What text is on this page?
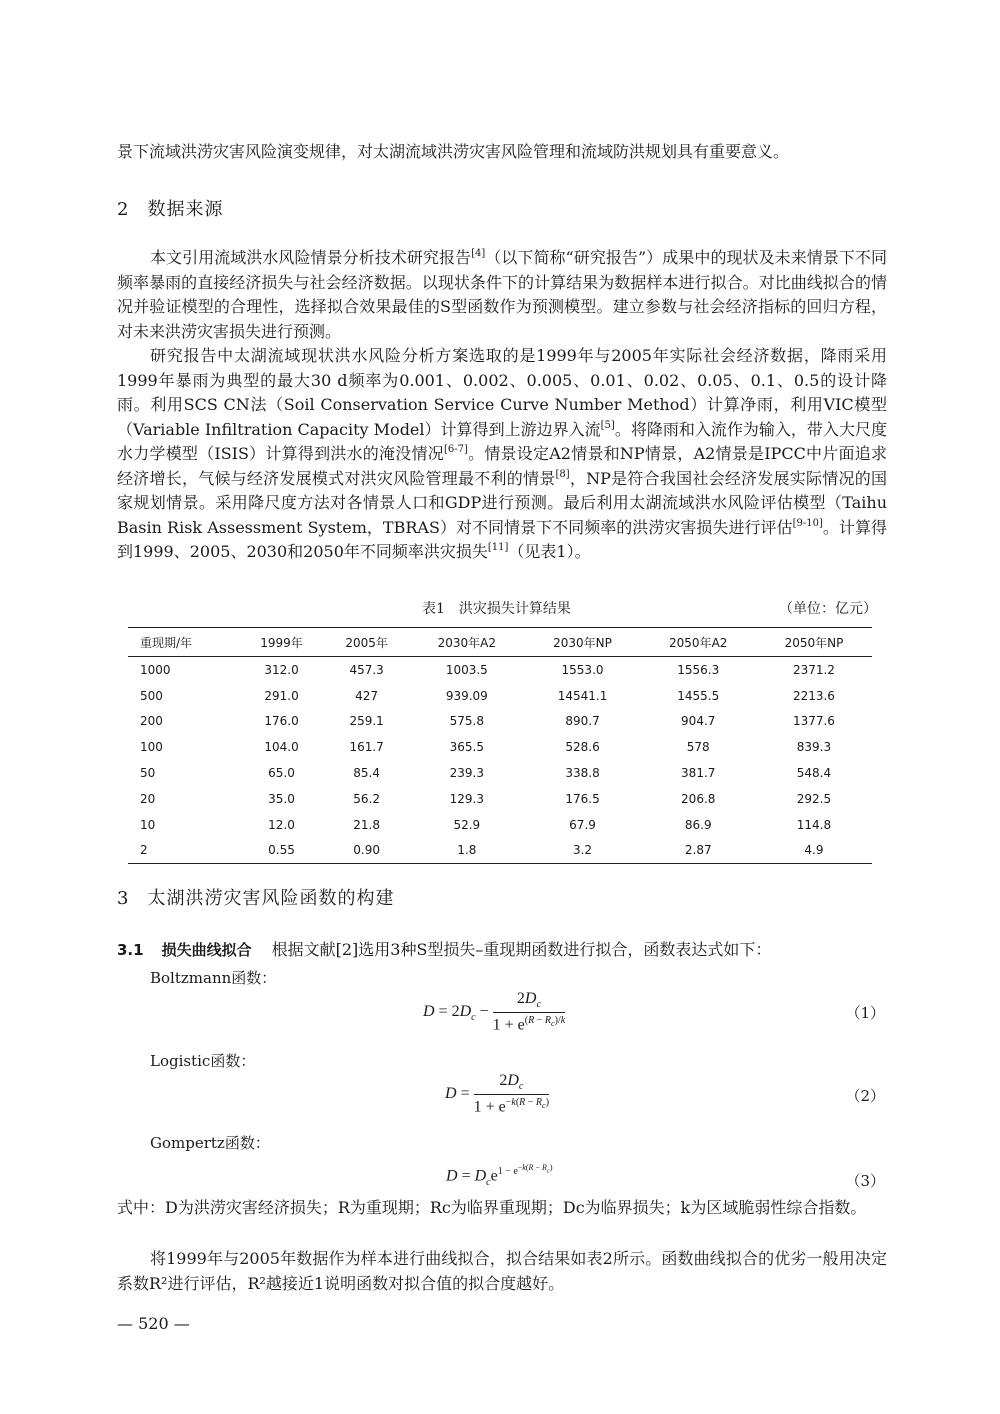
景下流域洪涝灾害风险演变规律，对太湖流域洪涝灾害风险管理和流域防洪规划具有重要意义。

2 数据来源

本文引用流域洪水风险情景分析技术研究报告[4]（以下简称“研究报告”）成果中的现状及未来情景下不同频率暴雨的直接经济损失与社会经济数据。以现状条件下的计算结果为数据样本进行拟合。对比曲线拟合的情况并验证模型的合理性，选择拟合效果最佳的S型函数作为预测模型。建立参数与社会经济指标的回归方程，对未来洪涝灾害损失进行预测。

研究报告中太湖流域现状洪水风险分析方案选取的是1999年与2005年实际社会经济数据，降雨采用1999年暴雨为典型的最大30 d频率为0.001、0.002、0.005、0.01、0.02、0.05、0.1、0.5的设计降雨。利用SCS CN法（Soil Conservation Service Curve Number Method）计算净雨，利用VIC模型（Variable Infiltration Capacity Model）计算得到上游边界入流[5]。将降雨和入流作为输入，带入大尺度水力学模型（ISIS）计算得到洪水的淹没情况[6-7]。情景设定A2情景和NP情景，A2情景是IPCC中片面追求经济增长，气候与经济发展模式对洪灾风险管理最不利的情景[8]，NP是符合我国社会经济发展实际情况的国家规划情景。采用降尺度方法对各情景人口和GDP进行预测。最后利用太湖流域洪水风险评估模型（Taihu Basin Risk Assessment System，TBRAS）对不同情景下不同频率的洪涝灾害损失进行评估[9-10]。计算得到1999、2005、2030和2050年不同频率洪灾损失[11]（见表1）。

表1　洪灾损失计算结果	（单位：亿元）
重现期/年	1999年	2005年	2030年A2	2030年NP	2050年A2	2050年NP
1000	312.0	457.3	1003.5	1553.0	1556.3	2371.2
500	291.0	427	939.09	14541.1	1455.5	2213.6
200	176.0	259.1	575.8	890.7	904.7	1377.6
100	104.0	161.7	365.5	528.6	578	839.3
50	65.0	85.4	239.3	338.8	381.7	548.4
20	35.0	56.2	129.3	176.5	206.8	292.5
10	12.0	21.8	52.9	67.9	86.9	114.8
2	0.55	0.90	1.8	3.2	2.87	4.9
3 太湖洪涝灾害风险函数的构建
3.1 损失曲线拟合 根据文献[2]选用3种S型损失–重现期函数进行拟合，函数表达式如下：
Boltzmann函数：
$D = 2D_c - \frac{2D_c}{1 + e^{(R - R_c)/k}}$	（1）
Logistic函数：
$D = \frac{2D_c}{1 + e^{-k(R - R_c)}}$	（2）
Gompertz函数：
$D = D_ce^{1 - e^{-k(R - R_c)}}$
（3）

式中：D为洪涝灾害经济损失；R为重现期；Rc为临界重现期；Dc为临界损失；k为区域脆弱性综合指数。

将1999年与2005年数据作为样本进行曲线拟合，拟合结果如表2所示。函数曲线拟合的优劣一般用决定系数R²进行评估，R²越接近1说明函数对拟合值的拟合度越好。

— 520 —
